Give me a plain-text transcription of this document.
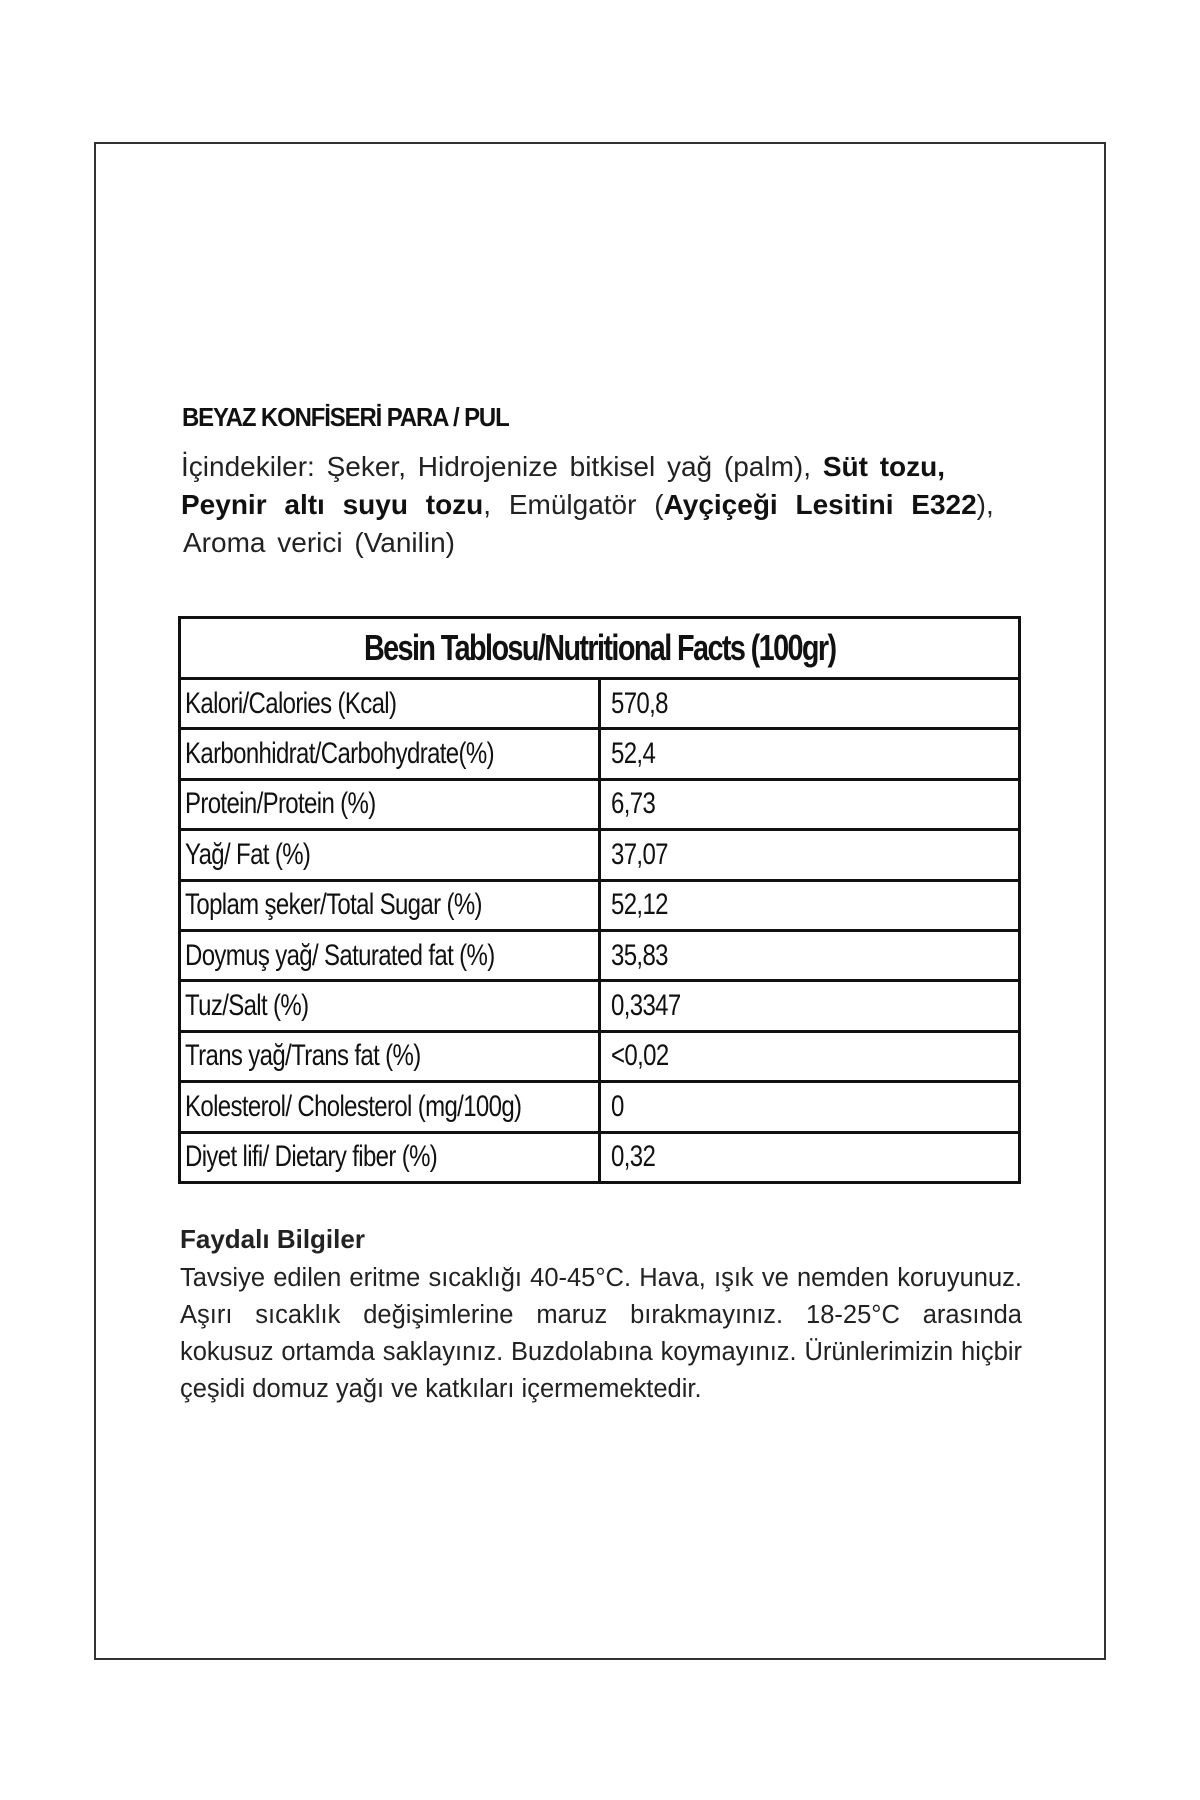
BEYAZ KONFİSERİ PARA / PUL

İçindekiler: Şeker, Hidrojenize bitkisel yağ (palm), Süt tozu,

Peynir altı suyu tozu, Emülgatör (Ayçiçeği Lesitini E322),

Aroma verici (Vanilin)

Besin Tablosu/Nutritional Facts (100gr)	
Kalori/Calories (Kcal)	570,8
Karbonhidrat/Carbohydrate(%)	52,4
Protein/Protein (%)	6,73
Yağ/ Fat (%)	37,07
Toplam şeker/Total Sugar (%)	52,12
Doymuş yağ/ Saturated fat (%)	35,83
Tuz/Salt (%)	0,3347
Trans yağ/Trans fat (%)	<0,02
Kolesterol/ Cholesterol (mg/100g)	0
Diyet lifi/ Dietary fiber (%)	0,32
Faydalı Bilgiler

Tavsiye edilen eritme sıcaklığı 40-45°C. Hava, ışık ve nemden koruyunuz. Aşırı sıcaklık değişimlerine maruz bırakmayınız. 18-25°C arasında kokusuz ortamda saklayınız. Buzdolabına koymayınız. Ürünlerimizin hiçbir çeşidi domuz yağı ve katkıları içermemektedir.
